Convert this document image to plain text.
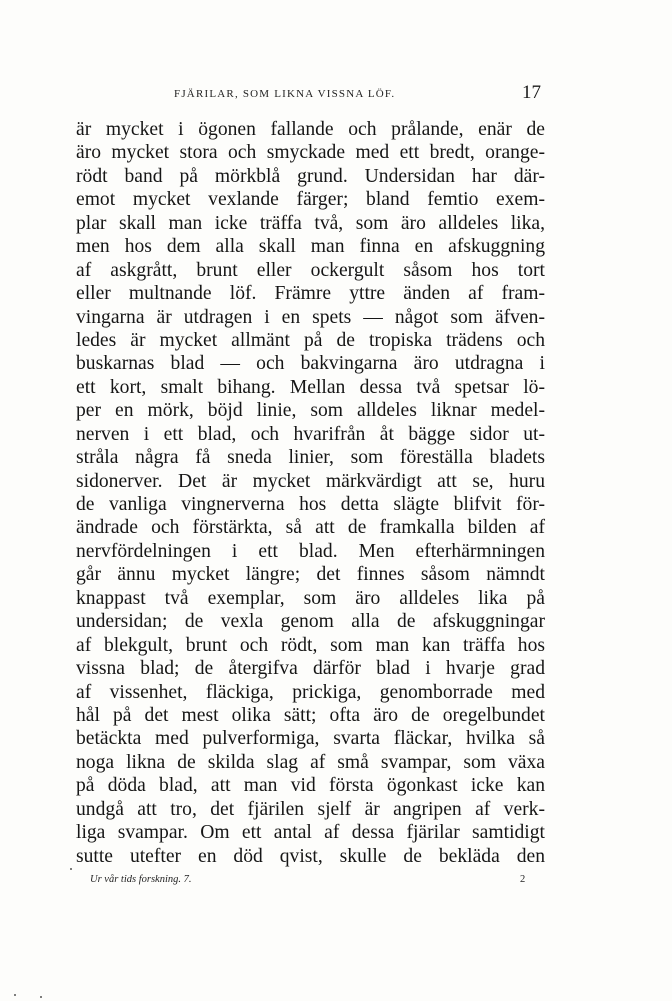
FJÄRILAR, SOM LIKNA VISSNA LÖF.	17
är mycket i ögonen fallande och prålande, enär de
äro mycket stora och smyckade med ett bredt, orange-
rödt band på mörkblå grund. Undersidan har där-
emot mycket vexlande färger; bland femtio exem-
plar skall man icke träffa två, som äro alldeles lika,
men hos dem alla skall man finna en afskuggning
af askgrått, brunt eller ockergult såsom hos tort
eller multnande löf. Främre yttre änden af fram-
vingarna är utdragen i en spets — något som äfven-
ledes är mycket allmänt på de tropiska trädens och
buskarnas blad — och bakvingarna äro utdragna i
ett kort, smalt bihang. Mellan dessa två spetsar lö-
per en mörk, böjd linie, som alldeles liknar medel-
nerven i ett blad, och hvarifrån åt bägge sidor ut-
stråla några få sneda linier, som föreställa bladets
sidonerver. Det är mycket märkvärdigt att se, huru
de vanliga vingnerverna hos detta slägte blifvit för-
ändrade och förstärkta, så att de framkalla bilden af
nervfördelningen i ett blad. Men efterhärmningen
går ännu mycket längre; det finnes såsom nämndt
knappast två exemplar, som äro alldeles lika på
undersidan; de vexla genom alla de afskuggningar
af blekgult, brunt och rödt, som man kan träffa hos
vissna blad; de återgifva därför blad i hvarje grad
af vissenhet, fläckiga, prickiga, genomborrade med
hål på det mest olika sätt; ofta äro de oregelbundet
betäckta med pulverformiga, svarta fläckar, hvilka så
noga likna de skilda slag af små svampar, som växa
på döda blad, att man vid första ögonkast icke kan
undgå att tro, det fjärilen sjelf är angripen af verk-
liga svampar. Om ett antal af dessa fjärilar samtidigt
sutte utefter en död qvist, skulle de bekläda den
Ur vår tids forskning. 7.	2
